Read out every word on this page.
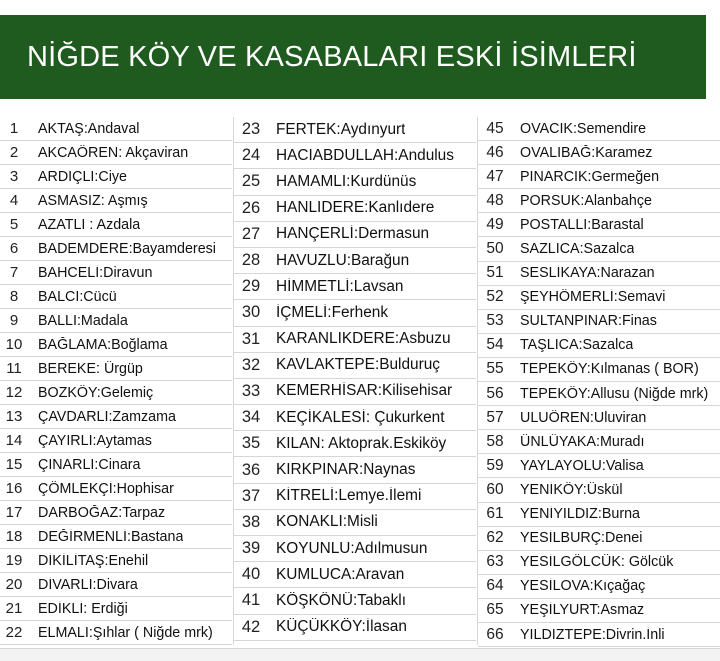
NİĞDE KÖY VE KASABALARI ESKİ İSİMLERİ
1	AKTAŞ:Andaval
2	AKCAÖREN: Akçaviran
3	ARDIÇLI:Ciye
4	ASMASIZ: Aşmış
5	AZATLI : Azdala
6	BADEMDERE:Bayamderesi
7	BAHCELİ:Diravun
8	BALCI:Cücü
9	BALLI:Madala
10	BAĞLAMA:Boğlama
11	BEREKE: Ürgüp
12	BOZKÖY:Gelemiç
13	ÇAVDARLI:Zamzama
14	ÇAYIRLI:Aytamas
15	ÇINARLI:Cinara
16	ÇÖMLEKÇİ:Hophisar
17	DARBOĞAZ:Tarpaz
18	DEĞİRMENLİ:Bastana
19	DİKİLİTAŞ:Enehil
20	DİVARLI:Divara
21	EDİKLİ: Erdiği
22	ELMALI:Şıhlar ( Niğde mrk)
23	FERTEK:Aydınyurt
24	HACIABDULLAH:Andulus
25	HAMAMLI:Kurdünüs
26	HANLIDERE:Kanlıdere
27	HANÇERLİ:Dermasun
28	HAVUZLU:Barağun
29	HİMMETLİ:Lavsan
30	İÇMELİ:Ferhenk
31	KARANLIKDERE:Asbuzu
32	KAVLAKTEPE:Bulduruç
33	KEMERHİSAR:Kilisehisar
34	KEÇİKALESİ: Çukurkent
35	KILAN: Aktoprak.Eskiköy
36	KIRKPINAR:Naynas
37	KİTRELİ:Lemye.İlemi
38	KONAKLI:Misli
39	KOYUNLU:Adılmusun
40	KUMLUCA:Aravan
41	KÖŞKÖNÜ:Tabaklı
42	KÜÇÜKKÖY:İlasan
45	OVACIK:Semendire
46	OVALIBAĞ:Karamez
47	PINARCIK:Germeğen
48	PORSUK:Alanbahçe
49	POSTALLI:Barastal
50	SAZLICA:Sazalca
51	SESLİKAYA:Narazan
52	ŞEYHÖMERLİ:Semavi
53	SULTANPINAR:Finas
54	TAŞLICA:Sazalca
55	TEPEKÖY:Kılmanas ( BOR)
56	TEPEKÖY:Allusu (Niğde mrk)
57	ULUÖREN:Uluviran
58	ÜNLÜYAKA:Muradı
59	YAYLAYOLU:Valisa
60	YENİKÖY:Üskül
61	YENİYILDIZ:Burna
62	YESİLBURÇ:Denei
63	YESİLGÖLCÜK: Gölcük
64	YESİLOVA:Kıçağaç
65	YEŞİLYURT:Asmaz
66	YILDIZTEPE:Divrin.İnli
